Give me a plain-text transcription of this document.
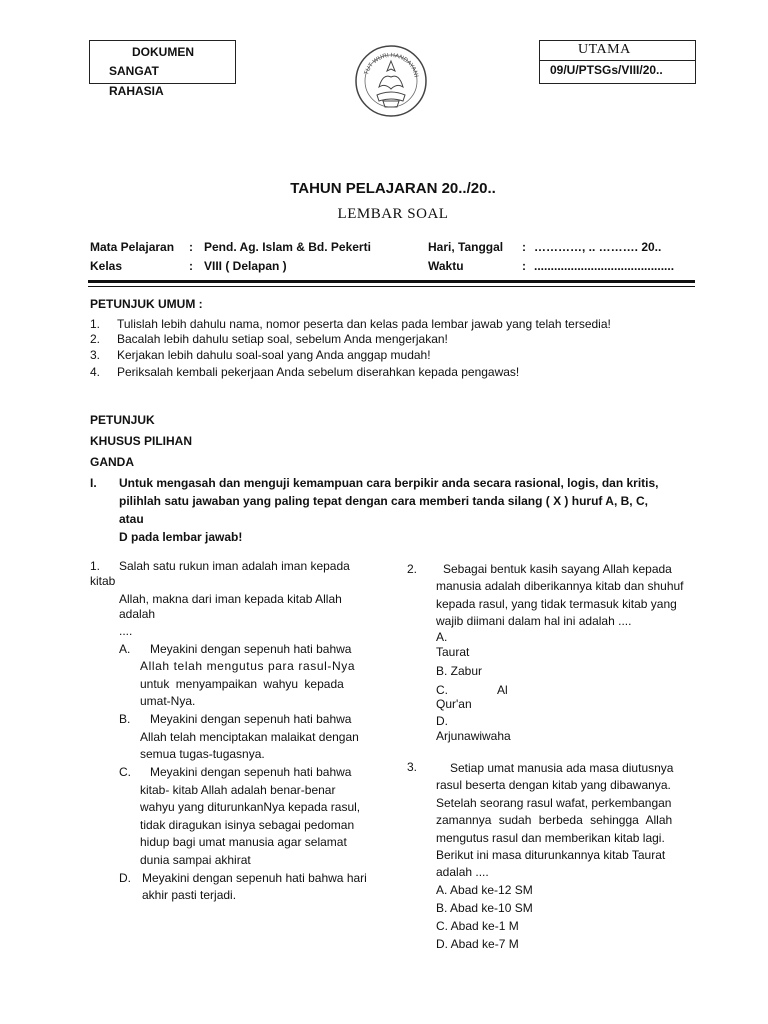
DOKUMEN
SANGAT
RAHASIA
UTAMA
09/U/PTSGs/VIII/20..
TUT WURI HANDAYANI
TAHUN PELAJARAN 20../20..
LEMBAR SOAL
Mata Pelajaran : Pend. Ag. Islam & Bd. Pekerti
Kelas	: VIII ( Delapan )
Hari, Tanggal : …………, .. ………. 20..
Waktu	: ..........................................
PETUNJUK UMUM :
1. Tulislah lebih dahulu nama, nomor peserta dan kelas pada lembar jawab yang telah tersedia!
2. Bacalah lebih dahulu setiap soal, sebelum Anda mengerjakan!
3. Kerjakan lebih dahulu soal-soal yang Anda anggap mudah!
4. Periksalah kembali pekerjaan Anda sebelum diserahkan kepada pengawas!
PETUNJUK
KHUSUS PILIHAN
GANDA
I. Untuk mengasah dan menguji kemampuan cara berpikir anda secara rasional, logis, dan kritis,
pilihlah satu jawaban yang paling tepat dengan cara memberi tanda silang ( X ) huruf A, B, C,
atau
D pada lembar jawab!
1. Salah satu rukun iman adalah iman kepada
kitab
Allah, makna dari iman kepada kitab Allah
adalah
....
A. Meyakini dengan sepenuh hati bahwa
Allah telah mengutus para rasul-Nya
untuk menyampaikan wahyu kepada
umat-Nya.
B. Meyakini dengan sepenuh hati bahwa
Allah telah menciptakan malaikat dengan
semua tugas-tugasnya.
C. Meyakini dengan sepenuh hati bahwa
kitab- kitab Allah adalah benar-benar
wahyu yang diturunkanNya kepada rasul,
tidak diragukan isinya sebagai pedoman
hidup bagi umat manusia agar selamat
dunia sampai akhirat
D. Meyakini dengan sepenuh hati bahwa hari
akhir pasti terjadi.
2. Sebagai bentuk kasih sayang Allah kepada
manusia adalah diberikannya kitab dan shuhuf
kepada rasul, yang tidak termasuk kitab yang
wajib diimani dalam hal ini adalah ....
A.
Taurat
B. Zabur
C.	Al
Qur'an
D.
Arjunawiwaha
3.	Setiap umat manusia ada masa diutusnya
rasul beserta dengan kitab yang dibawanya.
Setelah seorang rasul wafat, perkembangan
zamannya sudah berbeda sehingga Allah
mengutus rasul dan memberikan kitab lagi.
Berikut ini masa diturunkannya kitab Taurat
adalah ....
A. Abad ke-12 SM
B. Abad ke-10 SM
C. Abad ke-1 M
D. Abad ke-7 M
